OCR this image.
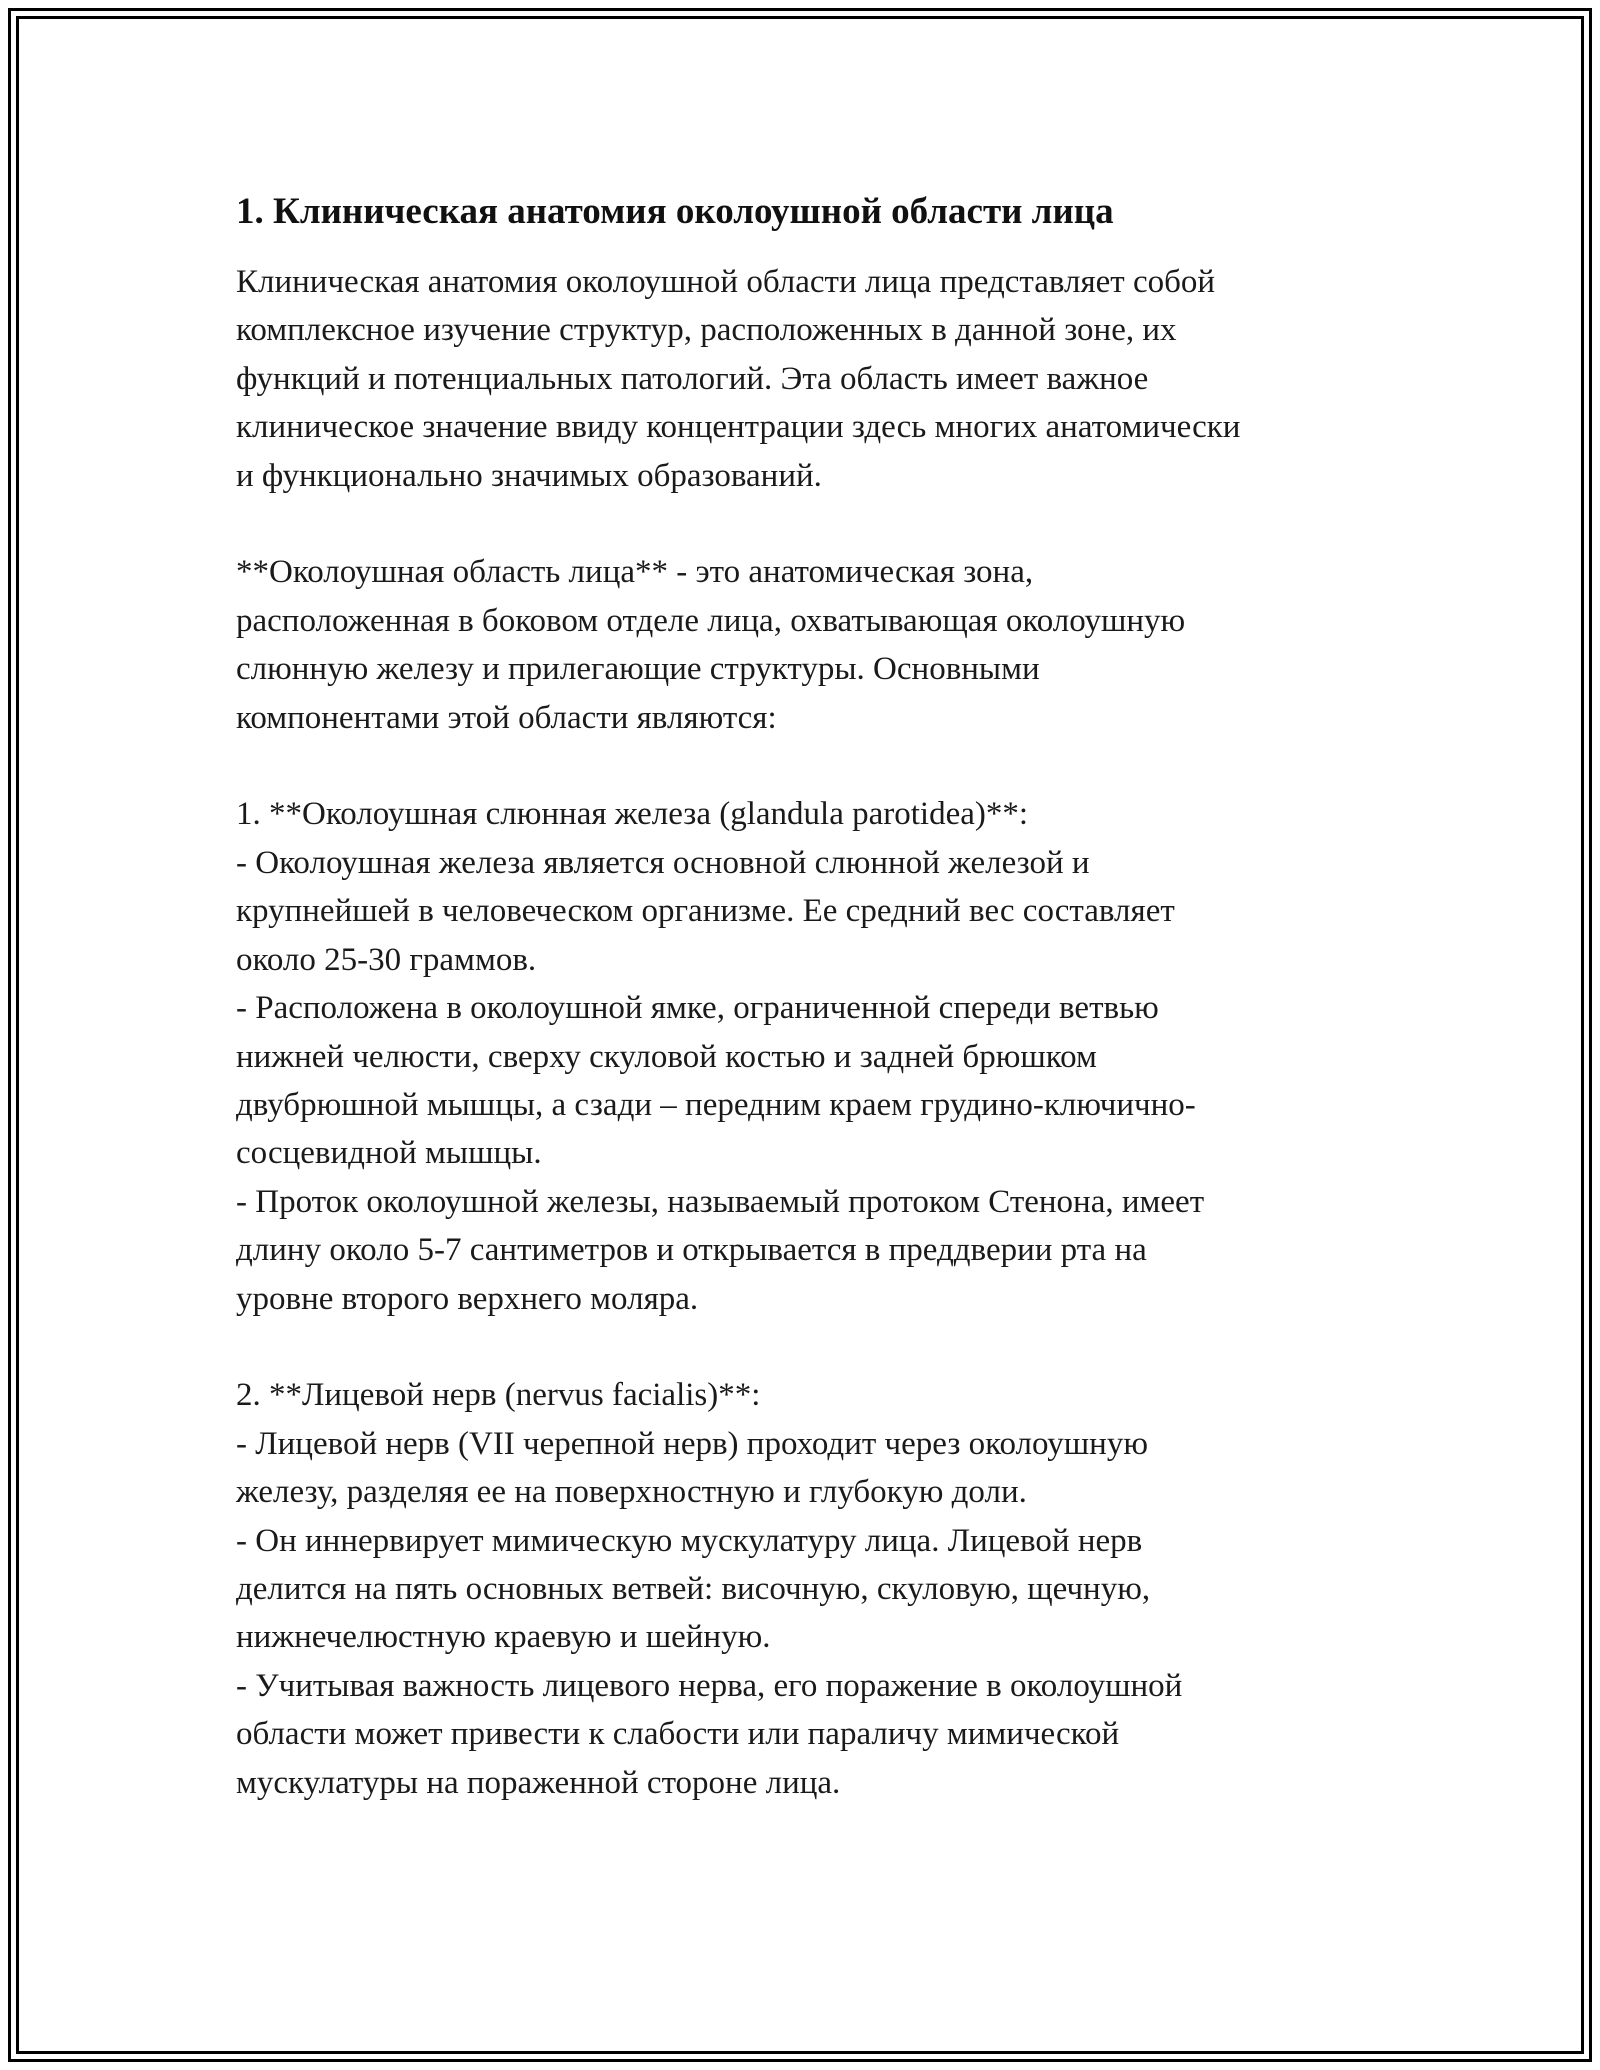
1. Клиническая анатомия околоушной области лица
Клиническая анатомия околоушной области лица представляет собой
комплексное изучение структур, расположенных в данной зоне, их
функций и потенциальных патологий. Эта область имеет важное
клиническое значение ввиду концентрации здесь многих анатомически
и функционально значимых образований.

**Околоушная область лица** - это анатомическая зона,
расположенная в боковом отделе лица, охватывающая околоушную
слюнную железу и прилегающие структуры. Основными
компонентами этой области являются:

1. **Околоушная слюнная железа (glandula parotidea)**:
- Околоушная железа является основной слюнной железой и
крупнейшей в человеческом организме. Ее средний вес составляет
около 25-30 граммов.
- Расположена в околоушной ямке, ограниченной спереди ветвью
нижней челюсти, сверху скуловой костью и задней брюшком
двубрюшной мышцы, а сзади – передним краем грудино-ключично-
сосцевидной мышцы.
- Проток околоушной железы, называемый протоком Стенона, имеет
длину около 5-7 сантиметров и открывается в преддверии рта на
уровне второго верхнего моляра.

2. **Лицевой нерв (nervus facialis)**:
- Лицевой нерв (VII черепной нерв) проходит через околоушную
железу, разделяя ее на поверхностную и глубокую доли.
- Он иннервирует мимическую мускулатуру лица. Лицевой нерв
делится на пять основных ветвей: височную, скуловую, щечную,
нижнечелюстную краевую и шейную.
- Учитывая важность лицевого нерва, его поражение в околоушной
области может привести к слабости или параличу мимической
мускулатуры на пораженной стороне лица.
